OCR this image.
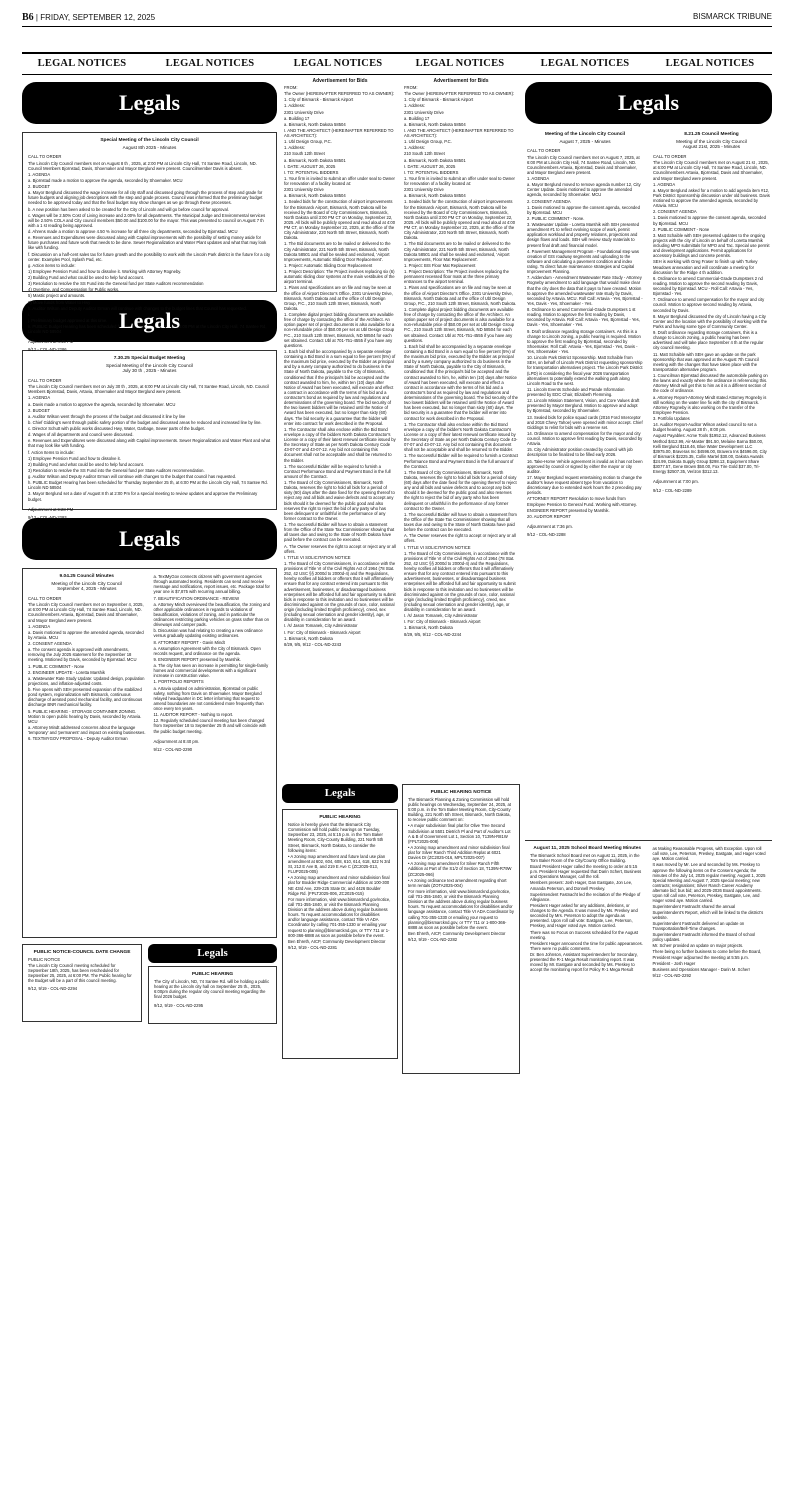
B6 | FRIDAY, SEPTEMBER 12, 2025	BISMARCK TRIBUNE
LEGAL NOTICES	LEGAL NOTICES	LEGAL NOTICES	LEGAL NOTICES	LEGAL NOTICES	LEGAL NOTICES
Legals

Special Meeting of the Lincoln City Council

August 8th 2025 - Minutes

CALL TO ORDER

The Lincoln City Council members met on August 8 th , 2025, at 2:00 PM at Lincoln City Hall, 74 Santee Road, Lincoln, ND. Council Members Bjornstad, Davis, Shoemaker and Mayor Berglund were present. Councilmember Davis is absent.

1. AGENDA

a. Bjornstad made a motion to approve the agenda, seconded by Shoemaker. MCU

2. BUDGET

a. Mayor Berglund discussed the wage increase for all city staff and discussed going through the process of step and grade for future budgets and aligning job descriptions with the step and grade process. Council was informed that the preliminary budget needed to be approved today and that the final budget may show changes as we go through these processes.

b. A new position has been asked to be created for the City of Lincoln and will go before council for approval.

c. Wages will be 2.50% Cost of Living increase and 2.00% for all departments. The Municipal Judge and Environmental services will be 2.50% COLA and City council members $50.00 and $100.00 for the mayor. This was presented to council on August 7 th with a 1 st reading being approved.

d. Ahrens made a motion to approve 4.50 % increase for all three city departments, seconded by Bjornstad. MCU

e. Revenues and Expenditures were discussed along with Capital improvements with the possibility of setting money aside for future purchases and future work that needs to be done. Sewer Regionalization and Water Plant updates and what that may look like with funding.

f. Discussion on a half-cent sales tax for future growth and the possibility to work with the Lincoln Park district in the future for a city center. Examples Pool, Splash Pad, etc.

g. Action items to include:

1) Employee Pension Fund and how to dissolve it. Working with Attorney Rogneby.

2) Building Fund and what could be used to help fund account.

3) Resolution to resolve the SS Fund into the General fund per State Auditors recommendation

4) Overtime, and Compensation for Public works.

5) Mastic project and amounts.

6) Move funds from Water to Hwy

h. Auditor Wilson and Deputy Auditor Erman will continue with changes to the budget lines that Council has requested.

i.

j. Preliminary budget approved at this time.

k. PUBLIC Budget Hearing has been scheduled for Thursday September 25th, at 6:00 PM at the Lincoln City Hall, 74 Santee Rd, Lincoln ND 58504

Adjournment at 4:45 PM

9/12 - COL-ND-2286

Legals

7.30.25 Special Budget Meeting

Special Meeting of the Lincoln City Council

July 30 th , 2025 - Minutes

CALL TO ORDER

The Lincoln City Council members met on July 30 th , 2025, at 6:00 PM at Lincoln City Hall, 74 Santee Road, Lincoln, ND. Council Members Bjornstad, Davis, Artavia, Shoemaker and Mayor Berglund were present.

1. AGENDA

a. Davis made a motion to approve the agenda, seconded by Shoemaker. MCU

2. BUDGET

a. Auditor Wilson went through the process of the budget and discussed it line by line

b. Chief Gidding's went through public safety portion of the budget and discussed areas he reduced and increased line by line.

c. Director Schutt with public works discussed Hwy, Water, Garbage, Sewer parts of the budget.

d. Wages of all departments and council were discussed.

e. Revenues and Expenditures were discussed along with Capital improvements. Sewer Regionalization and Water Plant and what that may look like with funding.

f. Action Items to include:

1) Employee Pension Fund and how to dissolve it.

2) Building Fund and what could be used to help fund account.

3) Resolution to resolve the SS Fund into the General fund per State Auditors recommendation.

g. Auditor Wilson and Deputy Auditor Erman will continue with changes to the budget that council has requested.

h. PUBLIC Budget Hearing has been scheduled for Thursday September 25 th, at 6:00 PM at the Lincoln City Hall, 74 Santee Rd. Lincoln ND 58504

3. Mayor Berglund set a date of August 8 th at 2:00 Pm for a special meeting to review updates and approve the Preliminary budget.

Adjournment at 9:28 PM

9/12 - COL-ND-2293

Legals

9.04.25 Council Minutes

Meeting of the Lincoln City Council

September 4, 2025 - Minutes

CALL TO ORDER

The Lincoln City Council members met on September 4, 2025, at 6:00 PM at Lincoln City Hall, 74 Santee Road, Lincoln, ND. Councilmembers Artavia, Bjornstad, Davis and Shoemaker, and Mayor Berglund were present.

1. AGENDA

a. Davis motioned to approve the amended agenda, seconded by Artavia. MCU

2. CONSENT AGENDA

a. The consent agenda is approved with amendments, removing the July 2025 statement for the September 18 meeting. Motioned by Davis, seconded by Bjornstad. MCU

1. PUBLIC COMMENT - None

2. ENGINEER UPDATE - Loretta Marshik

a. Wastewater Rate Study Update: Updated design, population projections, and inflation-adjusted costs.

b. Five opens with SEH presented expansion of the stabilized pond system, regionalization with Bismarck, continuous discharge of aerated pond mechanical facility, and continuous discharge BNR mechanical facility.

5. PUBLIC HEARING - STORAGE CONTAINER ZONING. Motion to open public hearing by Davis, seconded by Artavia. MCU

a. Attorney Mindt addressed concerns about the language 'temporary' and 'permanent' and impact on existing businesses.

6. TEXTMYGOV PROPOSAL - Deputy Auditor Erman

a. TextMyGov connects citizens with government agencies through automated texting. Residents can send and receive message and notifications, report issues, etc. Package total for year one is $7,875 with recurring annual billing.

7. BEAUTIFICATION ORDINANCE - REVIEW

a. Attorney Mindt overviewed the beautification, the zoning and other applicable ordinances in regards to violations of beautification, violations of zoning, and in particular the ordinances restricting parking vehicles on grass rather than on driveways and camper pads.

b. Discussion was had relating to creating a new ordinance versus gradually updating existing ordinances.

8. ATTORNEY REPORT - Gavin Mindt

a. Assumption Agreement with the City of Bismarck. Open records request, and ordinance on the agenda.

9. ENGINEER REPORT presented by Marshik.

a. The city has seen an increase in permitting for single-family homes and commercial developments with a significant increase in construction value.

1. PORTFOLIO REPORTS

a. Artavia updated on administration, Bjornstad on public safety, nothing from Davis on Shoemaker. Mayor Berglund relayed headquarter in DC letter informing that request to amend boundaries are not considered more frequently than once every ten years.

11. AUDITOR REPORT - Nothing to report.

12. Regularly scheduled council meeting has been changed from September 18 to September 25 th and will coincide with the public budget meeting.

Adjournment at 8:40 pm.

9/12 - COL-ND-2290

PUBLIC NOTICE-COUNCIL DATE CHANGE

PUBLIC NOTICE

The Lincoln City Council meeting scheduled for September 18th, 2025, has been rescheduled for September 25, 2025, at 6:00 PM. The Public hearing for the Budget will be a part of this council meeting.

9/12, 9/19 - COL-ND-2294

Legals

PUBLIC HEARING

The City of Lincoln, ND, 74 Santee Rd. will be holding a public hearing at the Lincoln city hall on September 25 th., 2025, 6:00pm during the regular city council meeting regarding the final 2026 budget.

9/12, 9/19 - COL-ND-2295

Advertisement for Bids

FROM:

The Owner (HEREINAFTER REFERRED TO AS OWNER):

1. City of Bismarck - Bismarck Airport

1. Address:

2301 University Drive

a. Building 17

a. Bismarck, North Dakota 58504

I. AND THE ARCHITECT (HEREINAFTER REFERRED TO AS ARCHITECT):

1. Ubl Design Group, P.C.

1. Address:

210 South 12th Street

a. Bismarck, North Dakota 58501

I. DATE: AUGUST 26, 2025

I. TO: POTENTIAL BIDDERS

1. Your firm is invited to submit an offer under seal to Owner for renovation of a facility located at:

2301 University Drive

a. Bismarck, North Dakota 58504

1. Sealed bids for the construction of airport improvements for the Bismarck Airport, Bismarck, North Dakota will be received by the Board of City Commissioners, Bismarck, North Dakota until 3:00 PM CT on Monday, September 22, 2025. All bids will be publicly opened and read aloud at 4:00 PM CT, on Monday September 22, 2025, at the office of the City Administrator, 220 North 5th Street, Bismarck, North Dakota.

1. The Bid documents are to be mailed or delivered to the City Administrator, 221 North 5th Street, Bismarck, North Dakota 58501 and shall be sealed and endorsed, 'Airport Improvements, Automatic Sliding Door Replacement'.

1. Project: Automatic Sliding Door Replacement

1. Project Description: The Project involves replacing six (6) automatic sliding door systems at the main vestibules of the airport terminal.

1. Plans and specifications are on file and may be seen at the office of Airport Director's Office, 2301 University Drive, Bismarck, North Dakota and at the office of Ubl Design Group, P.C., 210 South 12th Street, Bismarck, North Dakota.

1. Complete digital project bidding documents are available free of charge by contacting the office of the Architect. An option paper set of project documents is also available for a non-refundable price of $50.00 per set at Ubl Design Group P.C., 210 South 12th Street, Bismarck, ND 58504 for each set obtained. Contact Ubl at 701-751-4555 if you have any questions.

1. Each bid shall be accompanied by a separate envelope containing a Bid Bond in a sum equal to five percent (5%) of the maximum bid price, executed by the Bidder as principal and by a surety company authorized to do business in the State of North Dakota, payable to the City of Bismarck, conditioned that if the principal's bid be accepted and the contract awarded to him, he, within ten (10) days after Notice of Award has been executed, will execute and effect a contract in accordance with the terms of his bid and a contractor's bond as required by law and regulations and determinations of the governing board. The bid security of the two lowest bidders will be retained until the Notice of Award has been executed, but no longer than sixty (60) days. The bid security is a guarantee that the bidder will enter into contract for work described in the Proposal.

1. The Contractor shall also enclose within the Bid Bond envelope a copy of the bidders North Dakota Contractor's License or a copy of their latest renewal certificate issued by the Secretary of State as per North Dakota Century Code 43-07-07 and 43-07-12. Any bid not containing this document shall not be acceptable and shall be returned to the Bidder.

1. The successful Bidder will be required to furnish a Contract Performance Bond and Payment Bond in the full amount of the Contract.

1. The Board of City Commissioners, Bismarck, North Dakota, reserves the right to hold all bids for a period of sixty (60) days after the date fixed for the opening thereof to reject any and all bids and waive defects and to accept any bids should it be deemed for the public good and also reserves the right to reject the bid of any party who has been delinquent or unfaithful in the performance of any former contract to the Owner.

1. The successful Bidder will have to obtain a statement from the Office of the State Tax Commissioner showing that all taxes due and owing to the State of North Dakota have paid before the contract can be executed.

A. The Owner reserves the right to accept or reject any or all offers.

I. TITLE VI SOLICITATION NOTICE

1. The Board of City Commissioners, in accordance with the provisions of Title VI of the Civil Rights Act of 1964 (78 Stat. 252, 42 USC §§ 2000d to 2000d-4) and the Regulations, hereby notifies all bidders or offerors that it will affirmatively ensure that for any contract entered into pursuant to this advertisement, businesses, or disadvantaged business enterprises will be afforded full and fair opportunity to submit bids in response to this invitation and no businesses will be discriminated against on the grounds of race, color, national origin (including limited English proficiency), creed, sex (including sexual orientation and gender identity), age, or disability in consideration for an award.

I. /s/ Jason Tomanek, City Administrator

I. For: City of Bismarck - Bismarck Airport

1. Bismarck, North Dakota

8/29, 9/5, 9/12 - COL-ND-2243

Legals

PUBLIC HEARING

Notice is hereby given that the Bismarck City Commission will hold public hearings on Tuesday, September 23, 2025, at 5:15 p.m. in the Tom Baker Meeting Room, City-County Building, 221 North 5th Street, Bismarck, North Dakota, to consider the following items:

• A zoning map amendment and future land use plan amendment at 602, 604, 608, 610, 614, 618, 622 N 3rd St, 212 E Ave B, and 219 E Ave C (ZC2025-013, FLUP2025-005)

• A zoning map amendment and minor subdivision final plat for Boulder Ridge Commercial Addition at 100-300 NE 43rd Ave, 229-225 State Dr, and 4426 Boulder Ridge Rd. (FPLT2025-006, ZC2025-015)

For more information, visit www.bismarcknd.gov/notice, call 701-355-1840, or visit the Bismarck Planning Division at the address above during regular business hours. To request accommodations for disabilities and/or language assistance, contact Title VI ADA Coordinator by calling 701-355-1330 or emailing your request to planning@bismarcknd.gov, or TTY 711 or 1-800-366-6888 as soon as possible before the event.

Ben Ehreth, AICP, Community Development Director

9/12, 9/19 - COL-ND-2281

Advertisement for Bids

FROM:

The Owner (HEREINAFTER REFERRED TO AS OWNER):

1. City of Bismarck - Bismarck Airport

1. Address:

2301 University Drive

a. Building 17

a. Bismarck, North Dakota 58504

I. AND THE ARCHITECT (HEREINAFTER REFERRED TO AS ARCHITECT):

1. Ubl Design Group, P.C.

1. Address:

210 South 12th Street

a. Bismarck, North Dakota 58501

I. DATE: AUGUST 26, 2025

I. TO: POTENTIAL BIDDERS

1. Your firm is invited to submit an offer under seal to Owner for renovation of a facility located at:

2301 University Drive

a. Bismarck, North Dakota 58504

1. Sealed bids for the construction of airport improvements for the Bismarck Airport, Bismarck, North Dakota will be received by the Board of City Commissioners, Bismarck, North Dakota until 3:00 PM CT on Monday, September 22, 2025. All bids will be publicly opened and read aloud at 4:00 PM CT, on Monday September 22, 2025, at the office of the City Administrator, 220 North 5th Street, Bismarck, North Dakota.

1. The Bid documents are to be mailed or delivered to the City Administrator, 221 North 5th Street, Bismarck, North Dakota 58501 and shall be sealed and endorsed, 'Airport Improvements, Floor Mat Replacement'.

1. Project: BIS Floor Mat Replacement

1. Project Description: The Project involves replacing the permanent recessed floor mats at the three primary entrances to the airport terminal.

1. Plans and specifications are on file and may be seen at the office of Airport Director's Office, 2301 University Drive, Bismarck, North Dakota and at the office of Ubl Design Group, P.C., 210 South 12th Street, Bismarck, North Dakota.

1. Complete digital project bidding documents are available free of charge by contacting the office of the Architect. An option paper set of project documents is also available for a non-refundable price of $50.00 per set at Ubl Design Group P.C., 210 South 12th Street, Bismarck, ND 58504 for each set obtained. Contact Ubl at 701-751-4555 if you have any questions.

1. Each bid shall be accompanied by a separate envelope containing a Bid Bond in a sum equal to five percent (5%) of the maximum bid price, executed by the Bidder as principal and by a surety company authorized to do business in the State of North Dakota, payable to the City of Bismarck, conditioned that if the principal's bid be accepted and the contract awarded to him, he, within ten (10) days after Notice of Award has been executed, will execute and effect a contract in accordance with the terms of his bid and a contractor's bond as required by law and regulations and determinations of the governing board. The bid security of the two lowest bidders will be retained until the Notice of Award has been executed, but no longer than sixty (60) days. The bid security is a guarantee that the bidder will enter into contract for work described in the Proposal.

1. The Contractor shall also enclose within the Bid Bond envelope a copy of the bidder's North Dakota Contractor's License or a copy of their latest renewal certificate issued by the Secretary of State as per North Dakota Century Code 43-07-07 and 43-07-12. Any bid not containing this document shall not be acceptable and shall be returned to the Bidder.

1. The successful Bidder will be required to furnish a Contract Performance Bond and Payment Bond in the full amount of the Contract.

1. The Board of City Commissioners, Bismarck, North Dakota, reserves the right to hold all bids for a period of sixty (60) days after the date fixed for the opening thereof to reject any and all bids and waive defects and to accept any bids should it be deemed for the public good and also reserves the right to reject the bid of any party who has been delinquent or unfaithful in the performance of any former contract to the Owner.

1. The successful Bidder will have to obtain a statement from the Office of the State Tax Commissioner showing that all taxes due and owing to the State of North Dakota have paid before the contract can be executed.

A. The Owner reserves the right to accept or reject any or all offers.

I. TITLE VI SOLICITATION NOTICE

1. The Board of City Commissioners, in accordance with the provisions of Title VI of the Civil Rights Act of 1964 (78 Stat. 252, 42 USC §§ 2000d to 2000d-4) and the Regulations, hereby notifies all bidders or offerors that it will affirmatively ensure that for any contract entered into pursuant to this advertisement, businesses, or disadvantaged business enterprises will be afforded full and fair opportunity to submit bids in response to this invitation and no businesses will be discriminated against on the grounds of race, color, national origin (including limited English proficiency), creed, sex (including sexual orientation and gender identity), age, or disability in consideration for an award.

I. /s/ Jason Tomanek, City Administrator

I. For: City of Bismarck - Bismarck Airport

1. Bismarck, North Dakota

8/29, 9/5, 9/12 - COL-ND-2244

PUBLIC HEARING NOTICE

The Bismarck Planning & Zoning Commission will hold public hearings on Wednesday, September 24, 2025, at 5:00 p.m. in the Tom Baker Meeting Room, City-County Building, 221 North 5th Street, Bismarck, North Dakota, to receive public comment on:

• A major subdivision final plat for Olive Tree Second Subdivision at 5501 Dietrich Pl and Part of Auditor's Lot A & B of Government Lot 1, Section 10, T139N-R81W (FPLT2025-008)

• A zoning map amendment and minor subdivision final plat for Silver Ranch Third Addition Replat at 6021 Davies Dr (ZC2025-016, MPLT2025-007)

• A zoning map amendment for Silver Ranch Fifth Addition at Part of the S1/2 of Section 18, T139N-R79W (ZC2025-066)

• A zoning ordinance text amendment regarding short term rentals (ZOTA2025-004)

For more information, visit www.bismarcknd.gov/notice, call 701-355-1840, or visit the Bismarck Planning Division at the address above during regular business hours. To request accommodations for disabilities and/or language assistance, contact Title VI ADA Coordinator by calling 701-355-1330 or emailing your request to planning@bismarcknd.gov, or TTY 711 or 1-800-366-6888 as soon as possible before the event.

Ben Ehreth, AICP, Community Development Director

9/12, 9/19 - COL-ND-2282

Legals

Meeting of the Lincoln City Council

August 7, 2025 - Minutes

CALL TO ORDER

The Lincoln City Council members met on August 7, 2025, at 6:00 PM at Lincoln City Hall, 74 Santee Road, Lincoln, ND. Councilmembers Artavia, Bjornstad, Davis and Shoemaker, and Mayor Berglund were present.

1. AGENDA

a. Mayor Berglund moved to remove agenda number 12, City Center Update. Davis motioned to approve the amended agenda, seconded by Shoemaker. MCU

2. CONSENT AGENDA

1. Davis motioned to approve the consent agenda, seconded by Bjornstad. MCU

2. PUBLIC COMMENT - None.

3. Wastewater Update - Loretta Marshik with SEH presented amendment #1 to reflect evolving scope of work, permit application workload and property relations, projections and design flows and loads. SEH will review study materials to present final draft and financial model.

4. Pavement Management Program - Foundational step was creation of GIS roadway segments and uploading to the software and calculating a pavement condition and index rating. To direct future maintenance strategies and Capital Improvement Planning.

7. Addendum - Amendment Wastewater Rate Study - Attorney Rogneby amendment to add language that would make clear that the city does the data that it pays to have created. Motion to approve the amended wastewater rate study by Davis, seconded by Artavia. MCU. Roll Call: Artavia - Yes, Bjornstad - Yes, Davis - Yes, Shoemaker - Yes.

8. Ordinance to amend Commercial-Grade Dumpsters 1 st reading. Motion to approve the first reading by Davis, seconded by Artavia. Roll Call: Artavia - Yes, Bjornstad - Yes, Davis - Yes, Shoemaker - Yes.

9. Draft ordinance regarding storage containers. As this is a change to Lincoln zoning, a public hearing is required. Motion to approve the first reading by Bjornstad, seconded by Shoemaker. Roll Call: Artavia - Yes, Bjornstad - Yes, Davis - Yes, Shoemaker - Yes.

10. Lincoln Park District Sponsorship. Matt Schaible from SEH, on behalf of Lincoln Park District requesting sponsorship for transportation alternatives project. The Lincoln Park District (LPD) is considering the fiscal year 2026 transportation alternatives to potentially extend the walking path along Lincoln Road to the west.

11. Lincoln Events Schedule and Parade Information presented by EDC Chair, Elizabeth Flemming.

12. Lincoln Mission Statement, Vision, and Core Values draft presented by Mayor Berglund. Motion to approve and adopt by Bjornstad, seconded by Shoemaker.

13. Sealed bids for police squad cards (2016 Ford Interceptor and 2018 Chevy Tahoe) were opened with minor accept. Chief Giddings to relist for bids with a reserve set.

14. Ordinance to amend compensation for the mayor and city council. Motion to approve first reading by Davis, seconded by Artavia.

15. City Administrator position created by council with job description to be finalized to be filled early 2026.

16. Take-Home Vehicle agreement is invalid as it has not been approved by council or signed by either the mayor or city auditor.

17. Mayor Berglund request entertaining motion to change the auditor's leave request absent type from vacation to discretionary due to extended work hours the 2 preceding pay periods.

ATTORNEY REPORT Resolution to move funds from Employee Pension to General Fund. Working with Attorney.

ENGINEER REPORT presented by Marshik.

20. AUDITOR REPORT

Adjournment at 7:36 pm.

9/12 - COL-ND-2288

8.21.25 Council Meeting

Meeting of the Lincoln City Council

August 21st, 2025 - Minutes

CALL TO ORDER

The Lincoln City Council members met on August 21 st , 2025, at 6:00 PM at Lincoln City Hall, 74 Santee Road, Lincoln, ND. Councilmembers Artavia, Bjornstad, Davis and Shoemaker, and Mayor Berglund were present.

1. AGENDA

a. Mayor Berglund asked for a motion to add agenda item #12, Park District Sponsorship discussion under old business. Davis motioned to approve the amended agenda, seconded by Artavia. MCU

2. CONSENT AGENDA

1. Davis motioned to approve the consent agenda, seconded by Bjornstad. MCU

2. PUBLIC COMMENT - None

3. Matt Schaible with SEH presented updates to the ongoing projects with the city of Lincoln on behalf of Loretta Marshik including MPO submittals for MPO and Tac. Special use permit and development applications. Permit applications for accessory buildings and concrete permits.

SEH is working with Greg Fraser to finish up with Turkey Meadows annexation and will coordinate a meeting for discussion for the Ridge 4 th addition.

6. Ordinance to amend Commercial-Grade Dumpsters 2 nd reading. Motion to approve the second reading by Davis, seconded by Bjornstad. MCU - Roll Call: Artavia - Yes, Bjornstad - Yes.

7. Ordinance to amend compensation for the mayor and city council. Motion to approve second reading by Artavia, seconded by Davis.

8. Mayor Berglund discussed the city of Lincoln having a City Center and the location with the possibility of working with the Parks and having some type of Community Center.

9. Draft ordinance regarding storage containers, this is a change to Lincoln zoning, a public hearing has been advertised and will take place September 4 th at the regular city council meeting.

11. Matt Schaible with SEH gave an update on the park sponsorship that was approved at the August 7th Council meeting with the changes that have taken place with the transportation alternative program.

1. Councilman Bjornstad discussed the automobile parking on the lawns and exactly where the ordinance is referencing this. Attorney Mindt will get this to him as it is a different section of the code of ordinance.

a. Attorney Report-Attorney Mindt stated Attorney Rogneby is still working on the water line fix with the city of Bismarck. Attorney Rogneby is also working on the transfer of the Employee Pension.

3. Portfolio Updates

14. Auditor Report-Auditor Wilson asked council to set a budget hearing. August 28 th , 8:00 pm.

August Payables: Acme Tools $1952.12, Advanced Business Method $412.99, Air-Master $91.50, Melaine Barna $50.00, Kelli Berglund $118.46, Blue Water Development LLC $3975.00, Braveras Inc $4596.00, Bravera Ins $4596.00, City of Bismarck $2225.35, Collin Martel $30.00, Dakota Awards $24.99, Dakota Supply Group $298.13, Equipment Share $3077.57, Gene Brown $50.00, Fox Tire Gold $37.00, Tri-Energy $2507.35, Verizon $312.13.

Adjournment at 7:00 pm.

9/12 - COL-ND-2289

August 11, 2025 School Board Meeting Minutes

The Bismarck School Board met on August 11, 2025, in the Tom Baker Room of the City/County Office Building.

Board President Hager called the meeting to order at 5:15 p.m. President Hager requested that Darin Schert, Business and Operations Manager, call the roll.

Members present: Josh Hager, Dan Eastgate, Jon Lee, Amanda Peterson, and Donnell Preskey.

Superintendent Fastnacht led the recitation of the Pledge of Allegiance.

President Hager asked for any additions, deletions, or changes to the Agenda. It was moved by Ms. Preskey and seconded by Mrs. Peterson to adopt the agenda as presented. Upon roll call vote: Eastgate, Lee, Peterson, Preskey, and Hager voted aye. Motion carried.

There was no Focus on Success scheduled for the August meeting.

President Hager announced the time for public appearances. There were no public comments.

Dr. Ben Johnson, Assistant Superintendent for Secondary, presented the R-1 Mega Result monitoring report. It was moved by Mr. Eastgate and seconded by Ms. Preskey to accept the monitoring report for Policy R-1 Mega Result

as Making Reasonable Progress, with Exception. Upon roll call vote, Lee, Peterson, Preskey, Eastgate, and Hager voted aye. Motion carried.

It was moved by Mr. Lee and seconded by Ms. Preskey to approve the following items on the Consent Agenda; the minutes of the July 14, 2025 regular meeting; August 1, 2025 Special Meeting and August 7, 2025 special meeting; new contracts; resignations; Silver Ranch Career Academy alternate bid; bus bid; and 2025-2026 Board appointments. Upon roll call vote, Peterson, Preskey, Eastgate, Lee, and Hager voted aye. Motion carried.

Superintendent Fastnacht shared the annual Superintendent's Report, which will be linked to the district's website.

Superintendent Fastnacht delivered an update on Transportation/Bell-Time changes.

Superintendent Fastnacht informed the Board of school policy updates.

Mr. Scherr provided an update on major projects.

There being no further business to come before the Board, President Hager adjourned the meeting at 5:55 p.m.

President - Josh Hager

Business and Operations Manager - Darin M. Scherr

9/12 - COL-ND-2292
